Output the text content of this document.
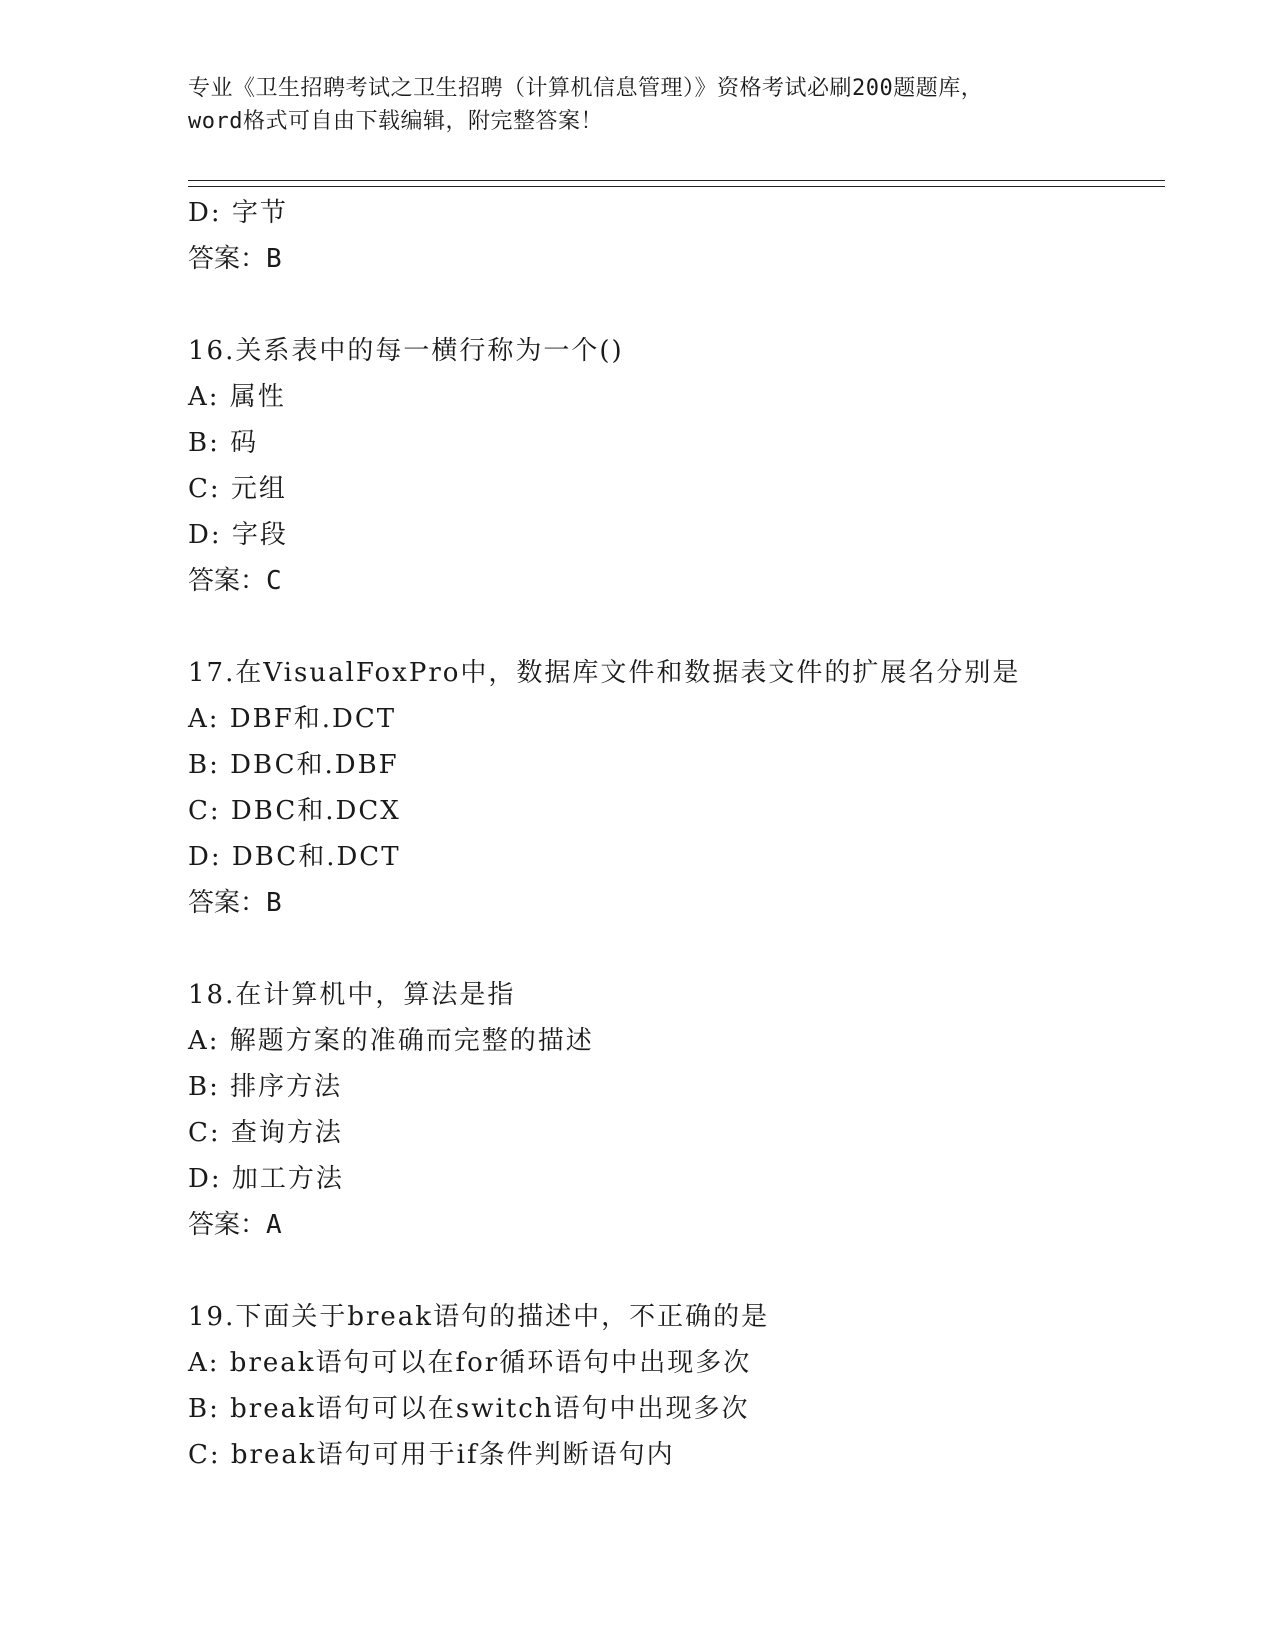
专业《卫生招聘考试之卫生招聘（计算机信息管理）》资格考试必刷200题题库，
word格式可自由下载编辑，附完整答案！
D: 字节
答案：B
16.关系表中的每一横行称为一个()
A: 属性
B: 码
C: 元组
D: 字段
答案：C
17.在VisualFoxPro中，数据库文件和数据表文件的扩展名分别是
A: DBF和.DCT
B: DBC和.DBF
C: DBC和.DCX
D: DBC和.DCT
答案：B
18.在计算机中，算法是指
A: 解题方案的准确而完整的描述
B: 排序方法
C: 查询方法
D: 加工方法
答案：A
19.下面关于break语句的描述中，不正确的是
A: break语句可以在for循环语句中出现多次
B: break语句可以在switch语句中出现多次
C: break语句可用于if条件判断语句内
